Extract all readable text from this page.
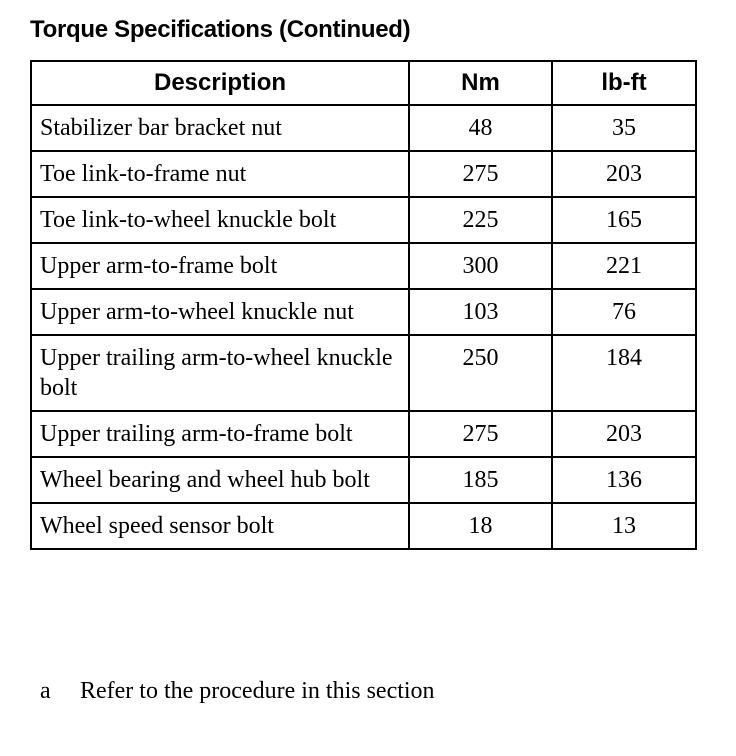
Torque Specifications (Continued)
Description	Nm	lb-ft
Stabilizer bar bracket nut	48	35
Toe link-to-frame nut	275	203
Toe link-to-wheel knuckle bolt	225	165
Upper arm-to-frame bolt	300	221
Upper arm-to-wheel knuckle nut	103	76
Upper trailing arm-to-wheel knuckle bolt	250	184
Upper trailing arm-to-frame bolt	275	203
Wheel bearing and wheel hub bolt	185	136
Wheel speed sensor bolt	18	13

a Refer to the procedure in this section
